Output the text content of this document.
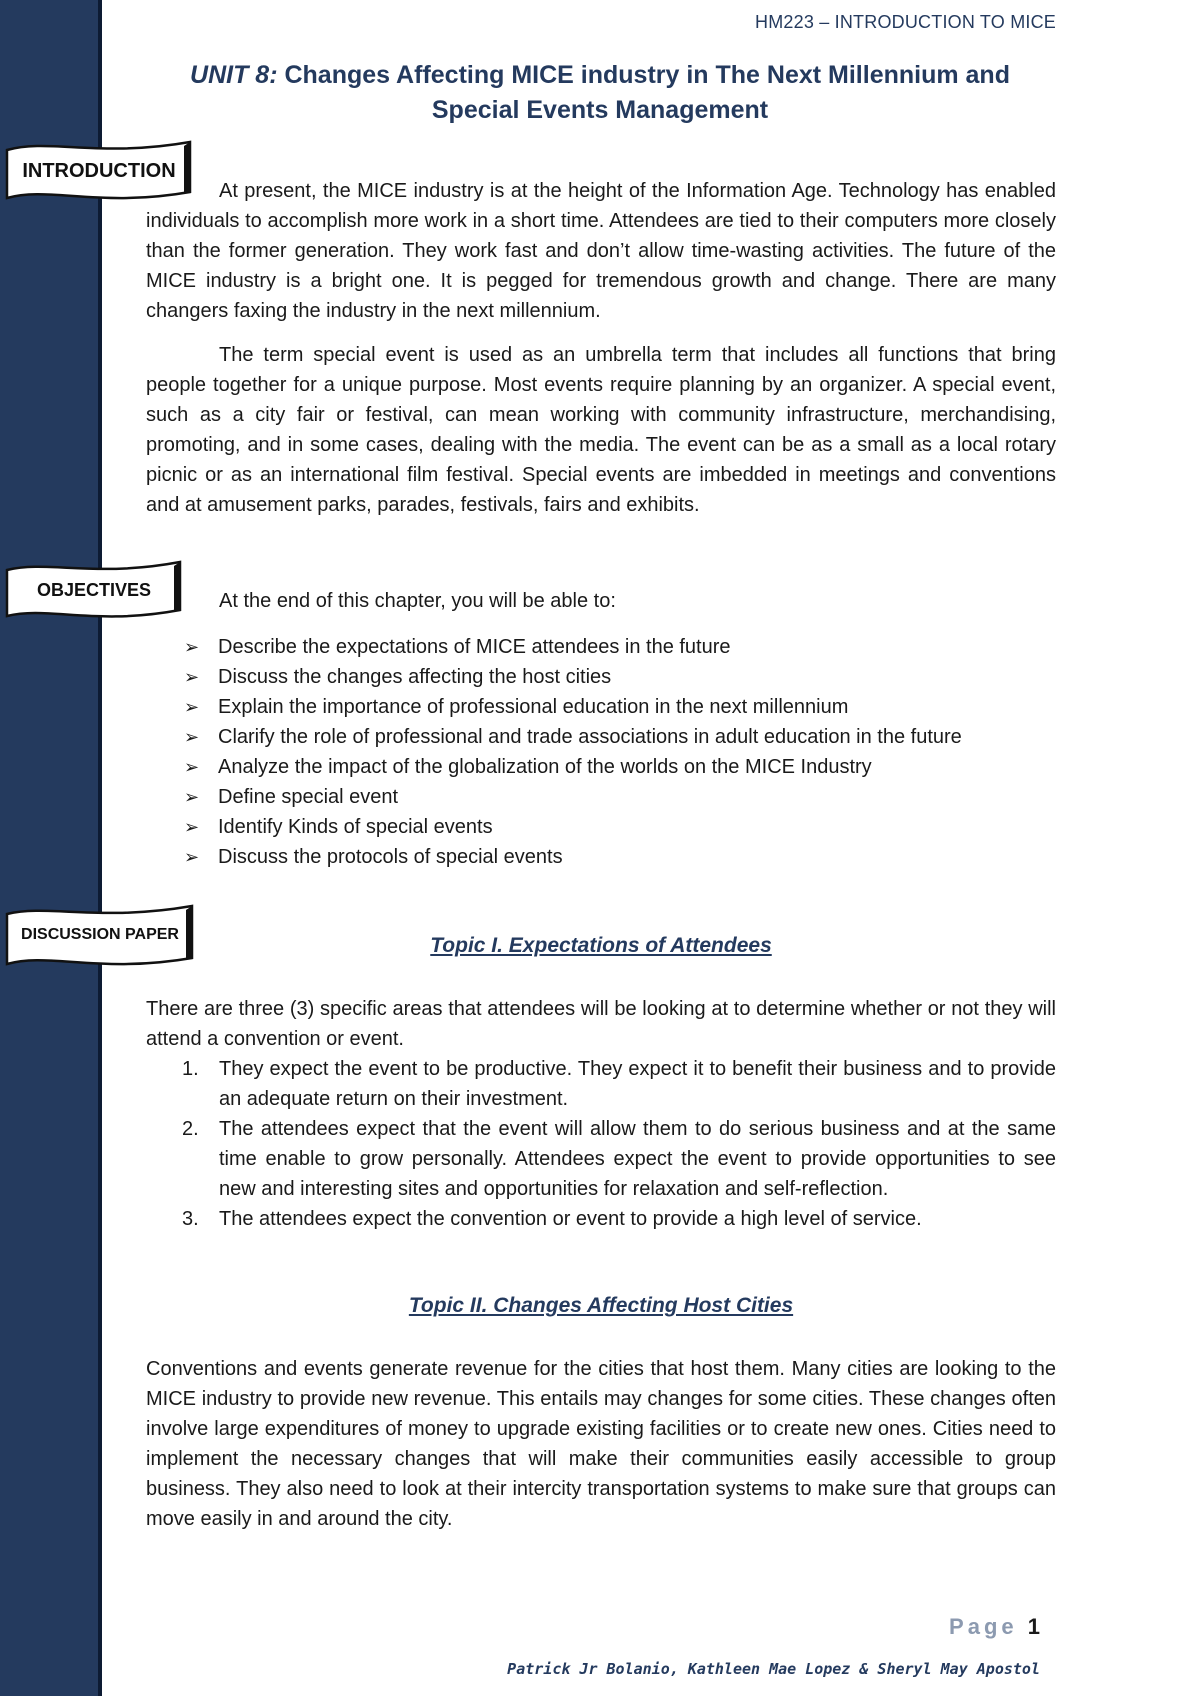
HM223 – INTRODUCTION TO MICE
UNIT 8: Changes Affecting MICE industry in The Next Millennium and Special Events Management
INTRODUCTION

At present, the MICE industry is at the height of the Information Age. Technology has enabled individuals to accomplish more work in a short time. Attendees are tied to their computers more closely than the former generation. They work fast and don’t allow time-wasting activities. The future of the MICE industry is a bright one. It is pegged for tremendous growth and change. There are many changers faxing the industry in the next millennium.

The term special event is used as an umbrella term that includes all functions that bring people together for a unique purpose. Most events require planning by an organizer. A special event, such as a city fair or festival, can mean working with community infrastructure, merchandising, promoting, and in some cases, dealing with the media. The event can be as a small as a local rotary picnic or as an international film festival. Special events are imbedded in meetings and conventions and at amusement parks, parades, festivals, fairs and exhibits.

OBJECTIVES	At the end of this chapter, you will be able to:

➢ Describe the expectations of MICE attendees in the future
➢ Discuss the changes affecting the host cities
➢ Explain the importance of professional education in the next millennium
➢ Clarify the role of professional and trade associations in adult education in the future
➢ Analyze the impact of the globalization of the worlds on the MICE Industry
➢ Define special event
➢ Identify Kinds of special events
➢ Discuss the protocols of special events
DISCUSSION PAPER	Topic I. Expectations of Attendees

There are three (3) specific areas that attendees will be looking at to determine whether or not they will attend a convention or event.

1. They expect the event to be productive. They expect it to benefit their business and to provide an adequate return on their investment.
2. The attendees expect that the event will allow them to do serious business and at the same time enable to grow personally. Attendees expect the event to provide opportunities to see new and interesting sites and opportunities for relaxation and self-reflection.
3. The attendees expect the convention or event to provide a high level of service.
Topic II. Changes Affecting Host Cities

Conventions and events generate revenue for the cities that host them. Many cities are looking to the MICE industry to provide new revenue. This entails may changes for some cities. These changes often involve large expenditures of money to upgrade existing facilities or to create new ones. Cities need to implement the necessary changes that will make their communities easily accessible to group business. They also need to look at their intercity transportation systems to make sure that groups can move easily in and around the city.

Page 1
Patrick Jr Bolanio, Kathleen Mae Lopez & Sheryl May Apostol
